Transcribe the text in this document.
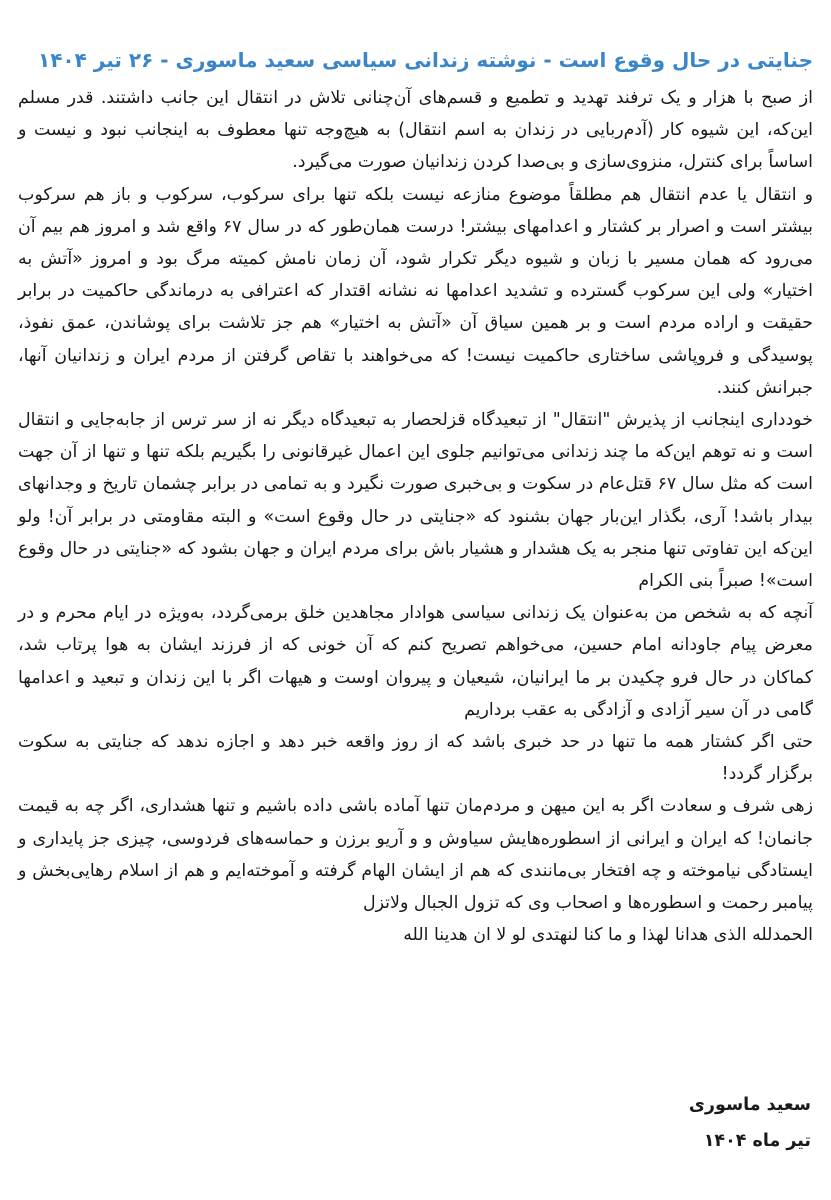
جنایتی در حال وقوع است - نوشته زندانی سیاسی سعید ماسوری - ۲۶ تیر ۱۴۰۴

از صبح با هزار و یک ترفند تهدید و تطمیع و قسم‌های آن‌چنانی تلاش در انتقال این جانب داشتند. قدر مسلم این‌که، این شیوه کار (آدم‌ربایی در زندان به اسم انتقال) به هیچ‌وجه تنها معطوف به اینجانب نبود و نیست و اساساً برای کنترل، منزوی‌سازی و بی‌صدا کردن زندانیان صورت می‌گیرد.

و انتقال یا عدم انتقال هم مطلقاً موضوع منازعه نیست بلکه تنها برای سرکوب، سرکوب و باز هم سرکوب بیشتر است و اصرار بر کشتار و اعدامهای بیشتر! درست همان‌طور که در سال ۶۷ واقع شد و امروز هم بیم آن می‌رود که همان مسیر با زبان و شیوه دیگر تکرار شود، آن زمان نامش کمیته مرگ بود و امروز «آتش به اختیار» ولی این سرکوب گسترده و تشدید اعدامها نه نشانه اقتدار که اعترافی به درماندگی حاکمیت در برابر حقیقت و اراده مردم است و بر همین سیاق آن «آتش به اختیار» هم جز تلاشت برای پوشاندن، عمق نفوذ، پوسیدگی و فروپاشی ساختاری حاکمیت نیست! که می‌خواهند با تقاص گرفتن از مردم ایران و زندانیان آنها، جبرانش کنند.

خودداری اینجانب از پذیرش "انتقال" از تبعیدگاه قزلحصار به تبعیدگاه دیگر نه از سر ترس از جابه‌جایی و انتقال است و نه توهم این‌که ما چند زندانی می‌توانیم جلوی این اعمال غیرقانونی را بگیریم بلکه تنها و تنها از آن جهت است که مثل سال ۶۷ قتل‌عام در سکوت و بی‌خبری صورت نگیرد و به تمامی در برابر چشمان تاریخ و وجدانهای بیدار باشد! آری، بگذار این‌بار جهان بشنود که «جنایتی در حال وقوع است» و البته مقاومتی در برابر آن! ولو این‌که این تفاوتی تنها منجر به یک هشدار و هشیار باش برای مردم ایران و جهان بشود که «جنایتی در حال وقوع است»! صبراً بنی الکرام

آنچه که به شخص من به‌عنوان یک زندانی سیاسی هوادار مجاهدین خلق برمی‌گردد، به‌ویژه در ایام محرم و در معرض پیام جاودانه امام حسین، می‌خواهم تصریح کنم که آن خونی که از فرزند ایشان به هوا پرتاب شد، کماکان در حال فرو چکیدن بر ما ایرانیان، شیعیان و پیروان اوست و هیهات اگر با این زندان و تبعید و اعدامها گامی در آن سیر آزادی و آزادگی به عقب برداریم

حتی اگر کشتار همه ما تنها در حد خبری باشد که از روز واقعه خبر دهد و اجازه ندهد که جنایتی به سکوت برگزار گردد!

زهی شرف و سعادت اگر به این میهن و مردم‌مان تنها آماده باشی داده باشیم و تنها هشداری، اگر چه به قیمت جانمان! که ایران و ایرانی از اسطوره‌هایش سیاوش و و آریو برزن و حماسه‌های فردوسی، چیزی جز پایداری و ایستادگی نیاموخته و چه افتخار بی‌مانندی که هم از ایشان الهام گرفته و آموخته‌ایم و هم از اسلام رهایی‌بخش و پیامبر رحمت و اسطوره‌ها و اصحاب وی که تزول الجبال ولاتزل

الحمدلله الذی هدانا لهذا و ما کنا لنهتدی لو لا ان هدینا الله

سعید ماسوری
تیر ماه ۱۴۰۴
